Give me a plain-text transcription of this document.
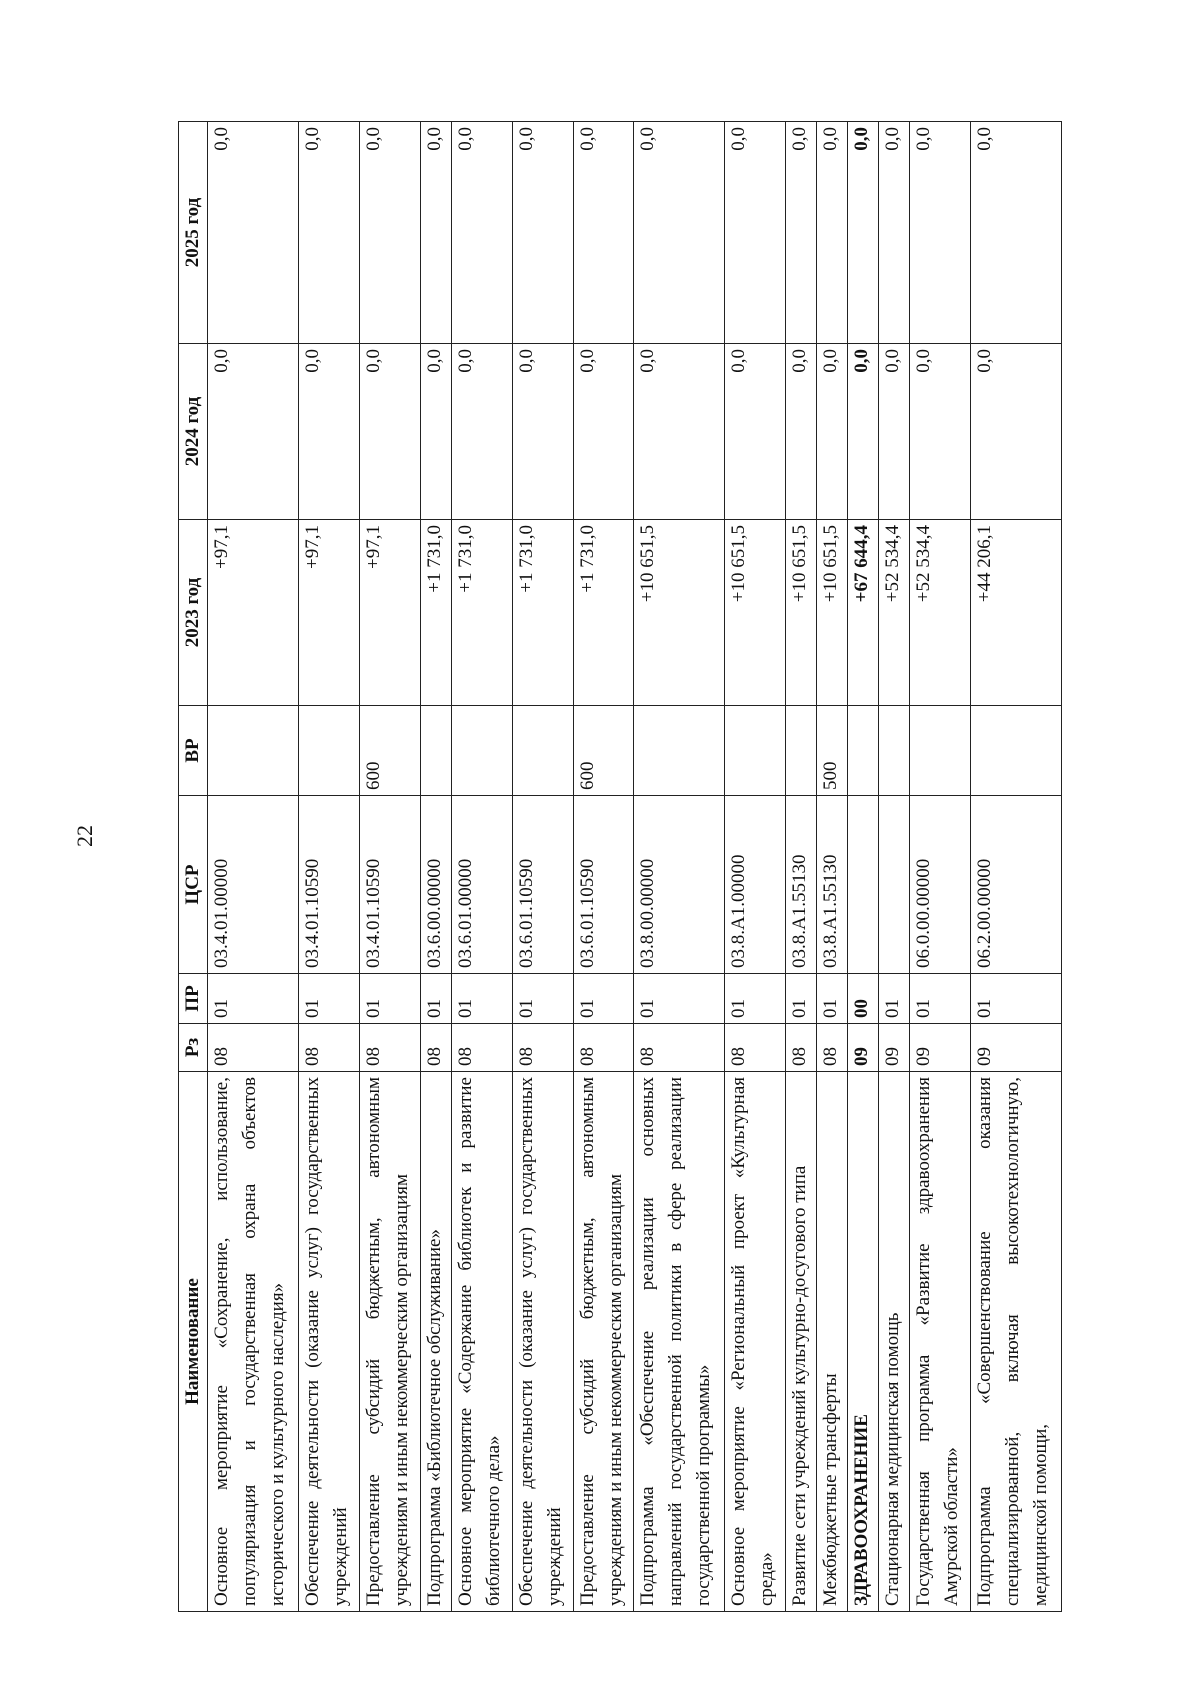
22
Наименование	Рз	ПР	ЦСР	ВР	2023 год	2024 год	2025 год
Основное мероприятие «Сохранение, использование, популяризация и государственная охрана объектов исторического и культурного наследия»	08	01	03.4.01.00000		+97,1	0,0	0,0
Обеспечение деятельности (оказание услуг) государственных учреждений	08	01	03.4.01.10590		+97,1	0,0	0,0
Предоставление субсидий бюджетным, автономным учреждениям и иным некоммерческим организациям	08	01	03.4.01.10590	600	+97,1	0,0	0,0
Подпрограмма «Библиотечное обслуживание»	08	01	03.6.00.00000		+1 731,0	0,0	0,0
Основное мероприятие «Содержание библиотек и развитие библиотечного дела»	08	01	03.6.01.00000		+1 731,0	0,0	0,0
Обеспечение деятельности (оказание услуг) государственных учреждений	08	01	03.6.01.10590		+1 731,0	0,0	0,0
Предоставление субсидий бюджетным, автономным учреждениям и иным некоммерческим организациям	08	01	03.6.01.10590	600	+1 731,0	0,0	0,0
Подпрограмма «Обеспечение реализации основных направлений государственной политики в сфере реализации государственной программы»	08	01	03.8.00.00000		+10 651,5	0,0	0,0
Основное мероприятие «Региональный проект «Культурная среда»	08	01	03.8.A1.00000		+10 651,5	0,0	0,0
Развитие сети учреждений культурно-досугового типа	08	01	03.8.A1.55130		+10 651,5	0,0	0,0
Межбюджетные трансферты	08	01	03.8.A1.55130	500	+10 651,5	0,0	0,0
ЗДРАВООХРАНЕНИЕ	09	00			+67 644,4	0,0	0,0
Стационарная медицинская помощь	09	01			+52 534,4	0,0	0,0
Государственная программа «Развитие здравоохранения Амурской области»	09	01	06.0.00.00000		+52 534,4	0,0	0,0
Подпрограмма «Совершенствование оказания специализированной, включая высокотехнологичную, медицинской помощи,	09	01	06.2.00.00000		+44 206,1	0,0	0,0
